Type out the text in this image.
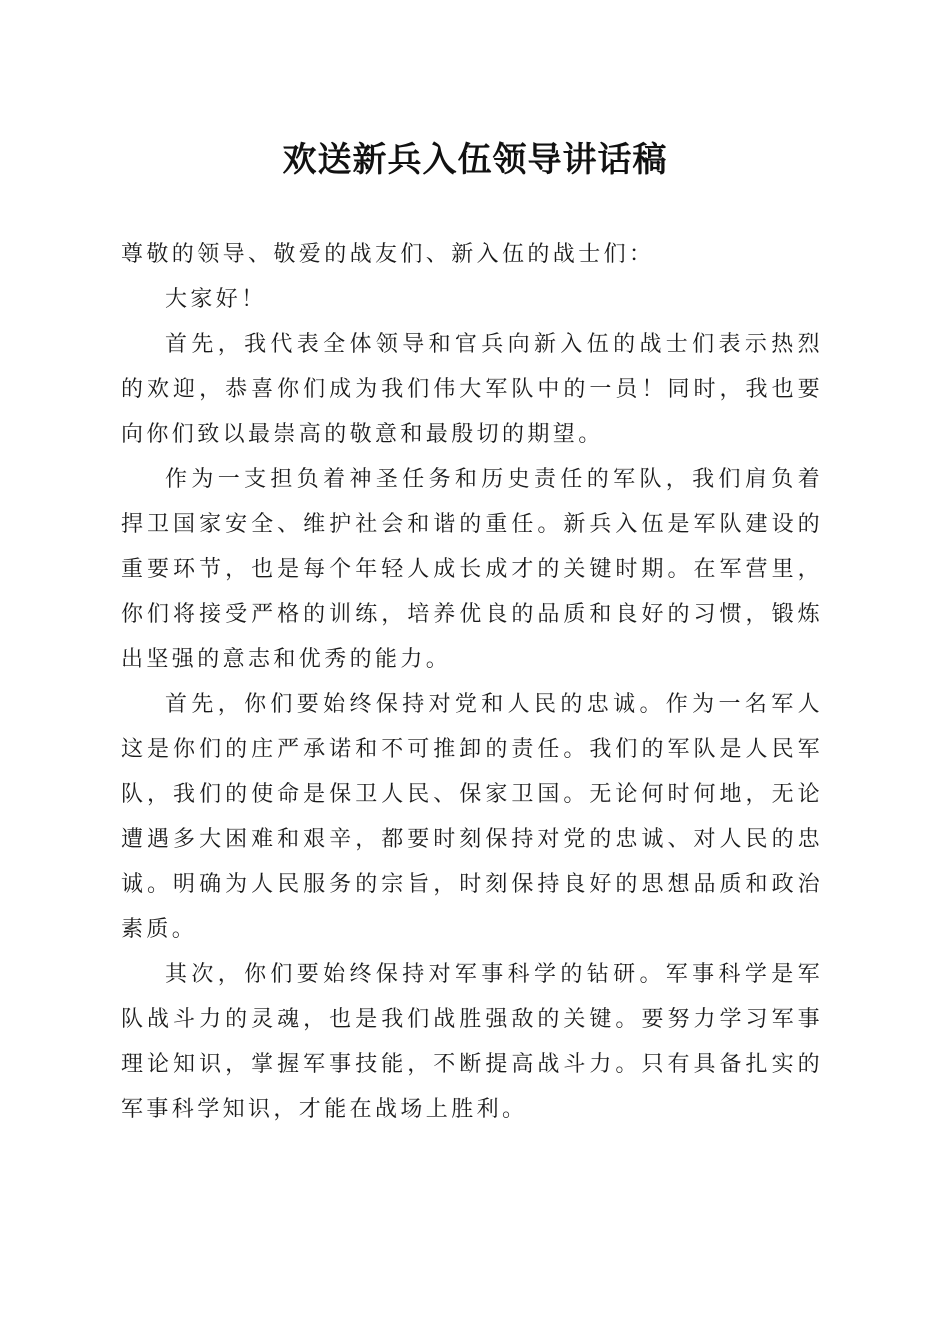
欢送新兵入伍领导讲话稿

尊敬的领导、敬爱的战友们、新入伍的战士们：

大家好！

首先，我代表全体领导和官兵向新入伍的战士们表示热烈的欢迎，恭喜你们成为我们伟大军队中的一员！同时，我也要向你们致以最崇高的敬意和最殷切的期望。

作为一支担负着神圣任务和历史责任的军队，我们肩负着捍卫国家安全、维护社会和谐的重任。新兵入伍是军队建设的重要环节，也是每个年轻人成长成才的关键时期。在军营里，你们将接受严格的训练，培养优良的品质和良好的习惯，锻炼出坚强的意志和优秀的能力。

首先，你们要始终保持对党和人民的忠诚。作为一名军人这是你们的庄严承诺和不可推卸的责任。我们的军队是人民军队，我们的使命是保卫人民、保家卫国。无论何时何地，无论遭遇多大困难和艰辛，都要时刻保持对党的忠诚、对人民的忠诚。明确为人民服务的宗旨，时刻保持良好的思想品质和政治素质。

其次，你们要始终保持对军事科学的钻研。军事科学是军队战斗力的灵魂，也是我们战胜强敌的关键。要努力学习军事理论知识，掌握军事技能，不断提高战斗力。只有具备扎实的军事科学知识，才能在战场上胜利。
